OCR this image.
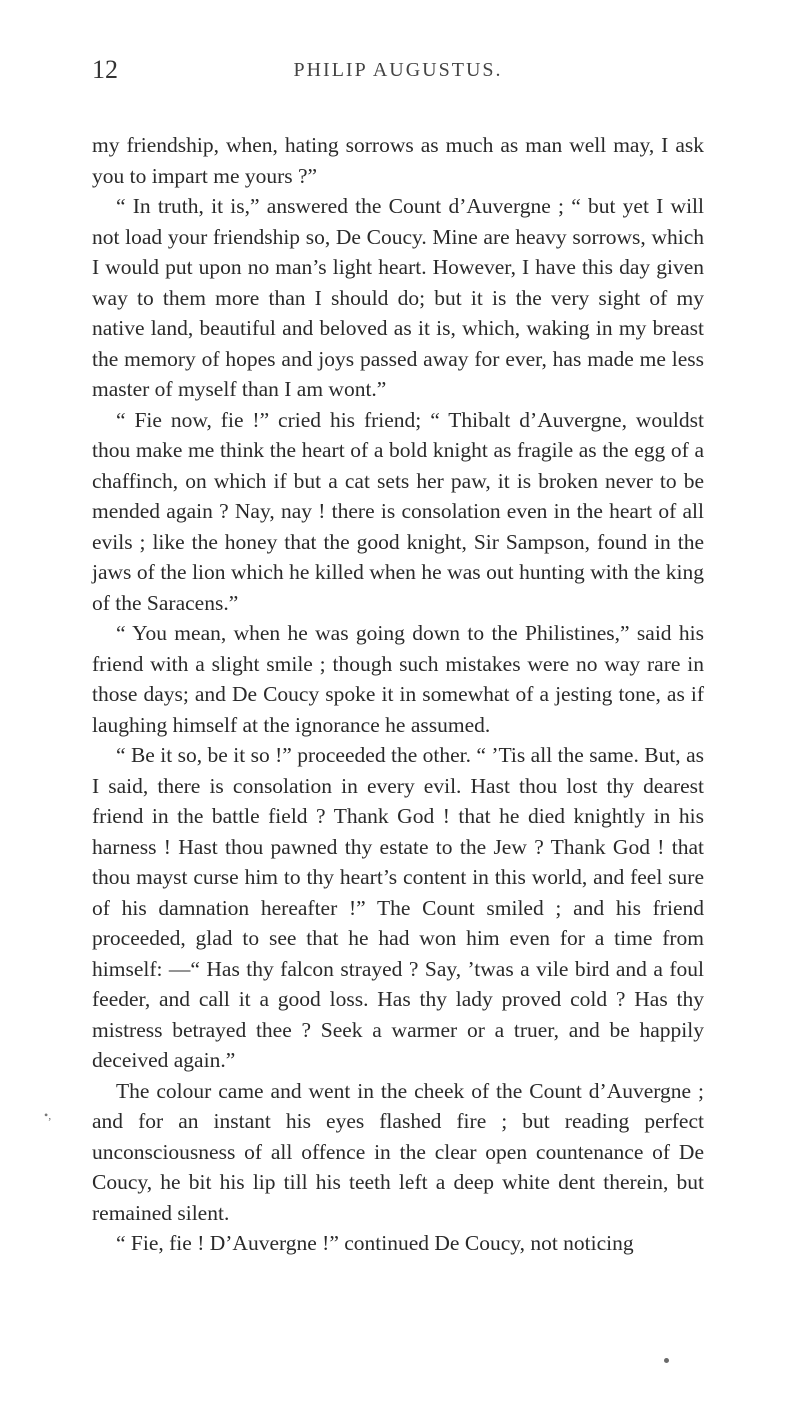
12	PHILIP AUGUSTUS.

my friendship, when, hating sorrows as much as man well may, I ask you to impart me yours ?”

“ In truth, it is,” answered the Count d’Auvergne ; “ but yet I will not load your friendship so, De Coucy. Mine are heavy sorrows, which I would put upon no man’s light heart. However, I have this day given way to them more than I should do; but it is the very sight of my native land, beautiful and beloved as it is, which, waking in my breast the memory of hopes and joys passed away for ever, has made me less master of myself than I am wont.”

“ Fie now, fie !” cried his friend; “ Thibalt d’Auvergne, wouldst thou make me think the heart of a bold knight as fragile as the egg of a chaffinch, on which if but a cat sets her paw, it is broken never to be mended again ? Nay, nay ! there is consolation even in the heart of all evils ; like the honey that the good knight, Sir Sampson, found in the jaws of the lion which he killed when he was out hunting with the king of the Saracens.”

“ You mean, when he was going down to the Philistines,” said his friend with a slight smile ; though such mistakes were no way rare in those days; and De Coucy spoke it in somewhat of a jesting tone, as if laughing himself at the ignorance he assumed.

“ Be it so, be it so !” proceeded the other. “ ’Tis all the same. But, as I said, there is consolation in every evil. Hast thou lost thy dearest friend in the battle field ? Thank God ! that he died knightly in his harness ! Hast thou pawned thy estate to the Jew ? Thank God ! that thou mayst curse him to thy heart’s content in this world, and feel sure of his damnation hereafter !” The Count smiled ; and his friend proceeded, glad to see that he had won him even for a time from himself: —“ Has thy falcon strayed ? Say, ’twas a vile bird and a foul feeder, and call it a good loss. Has thy lady proved cold ? Has thy mistress betrayed thee ? Seek a warmer or a truer, and be happily deceived again.”

The colour came and went in the cheek of the Count d’Auvergne ; and for an instant his eyes flashed fire ; but reading perfect unconsciousness of all offence in the clear open countenance of De Coucy, he bit his lip till his teeth left a deep white dent therein, but remained silent.

“ Fie, fie ! D’Auvergne !” continued De Coucy, not noticing

•,
